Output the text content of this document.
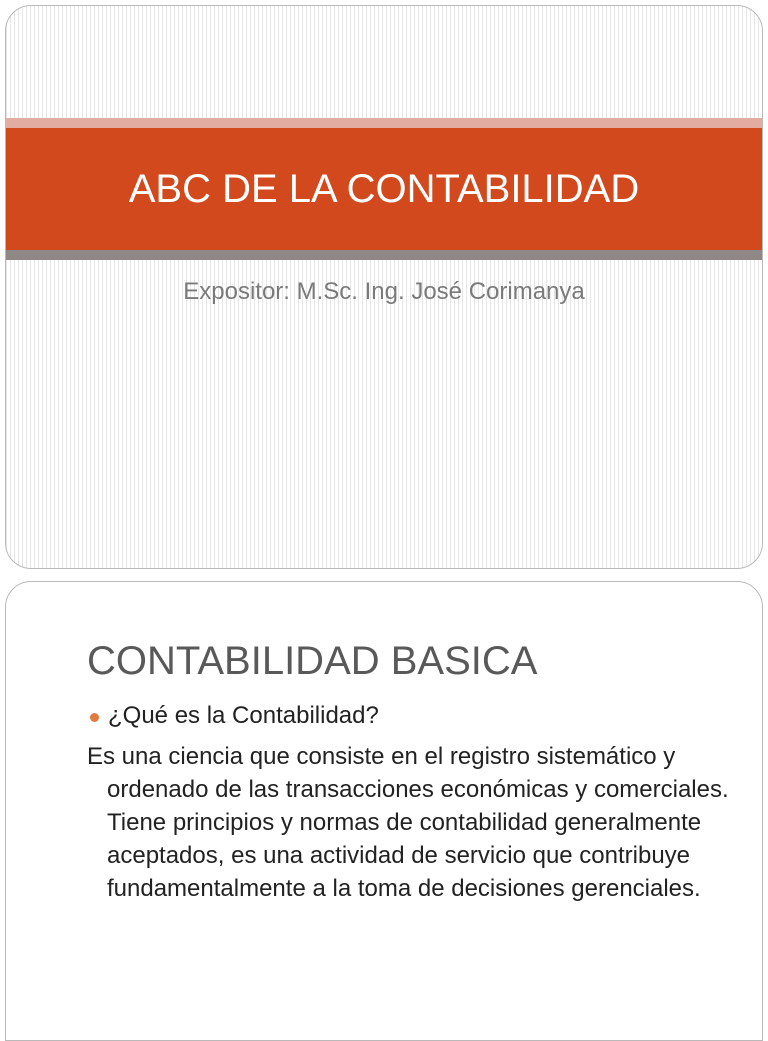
ABC DE LA CONTABILIDAD

Expositor: M.Sc. Ing. José Corimanya

CONTABILIDAD BASICA
¿Qué es la Contabilidad?

Es una ciencia que consiste en el registro sistemático y ordenado de las transacciones económicas y comerciales. Tiene principios y normas de contabilidad generalmente aceptados, es una actividad de servicio que contribuye fundamentalmente a la toma de decisiones gerenciales.
